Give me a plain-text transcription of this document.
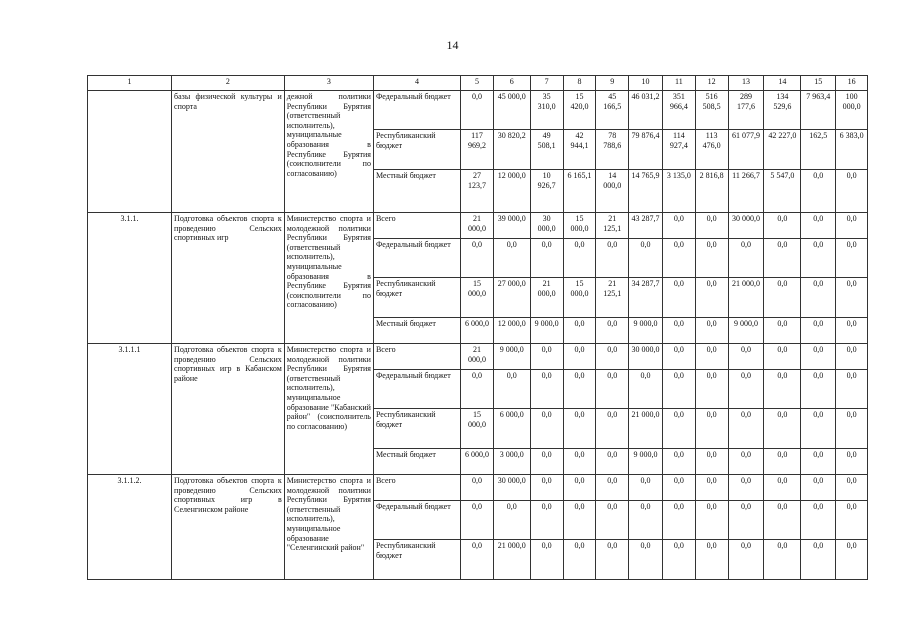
14
1	2	3	4	5	6	7	8	9	10	11	12	13	14	15	16
	базы физической культуры и спорта	дежной политики Республики Бурятия (ответственный исполнитель), муниципальные образования в Республике Бурятия (соисполнители по согласованию)	Федеральный бюджет	0,0	45 000,0	35 310,0	15 420,0	45 166,5	46 031,2	351 966,4	516 508,5	289 177,6	134 529,6	7 963,4	100 000,0
			Республиканский бюджет	117 969,2	30 820,2	49 508,1	42 944,1	78 788,6	79 876,4	114 927,4	113 476,0	61 077,9	42 227,0	162,5	6 383,0
			Местный бюджет	27 123,7	12 000,0	10 926,7	6 165,1	14 000,0	14 765,9	3 135,0	2 816,8	11 266,7	5 547,0	0,0	0,0
3.1.1.	Подготовка объектов спорта к проведению Сельских спортивных игр	Министерство спорта и молодежной политики Республики Бурятия (ответственный исполнитель), муниципальные образования в Республике Бурятия (соисполнители по согласованию)	Всего	21 000,0	39 000,0	30 000,0	15 000,0	21 125,1	43 287,7	0,0	0,0	30 000,0	0,0	0,0	0,0
			Федеральный бюджет	0,0	0,0	0,0	0,0	0,0	0,0	0,0	0,0	0,0	0,0	0,0	0,0
			Республиканский бюджет	15 000,0	27 000,0	21 000,0	15 000,0	21 125,1	34 287,7	0,0	0,0	21 000,0	0,0	0,0	0,0
			Местный бюджет	6 000,0	12 000,0	9 000,0	0,0	0,0	9 000,0	0,0	0,0	9 000,0	0,0	0,0	0,0
3.1.1.1	Подготовка объектов спорта к проведению Сельских спортивных игр в Кабанском районе	Министерство спорта и молодежной политики Республики Бурятия (ответственный исполнитель), муниципальное образование "Кабанский район" (соисполнитель по согласованию)	Всего	21 000,0	9 000,0	0,0	0,0	0,0	30 000,0	0,0	0,0	0,0	0,0	0,0	0,0
			Федеральный бюджет	0,0	0,0	0,0	0,0	0,0	0,0	0,0	0,0	0,0	0,0	0,0	0,0
			Республиканский бюджет	15 000,0	6 000,0	0,0	0,0	0,0	21 000,0	0,0	0,0	0,0	0,0	0,0	0,0
			Местный бюджет	6 000,0	3 000,0	0,0	0,0	0,0	9 000,0	0,0	0,0	0,0	0,0	0,0	0,0
3.1.1.2.	Подготовка объектов спорта к проведению Сельских спортивных игр в Селенгинском районе	Министерство спорта и молодежной политики Республики Бурятия (ответственный исполнитель), муниципальное образование "Селенгинский район"	Всего	0,0	30 000,0	0,0	0,0	0,0	0,0	0,0	0,0	0,0	0,0	0,0	0,0
			Федеральный бюджет	0,0	0,0	0,0	0,0	0,0	0,0	0,0	0,0	0,0	0,0	0,0	0,0
			Республиканский бюджет	0,0	21 000,0	0,0	0,0	0,0	0,0	0,0	0,0	0,0	0,0	0,0	0,0
